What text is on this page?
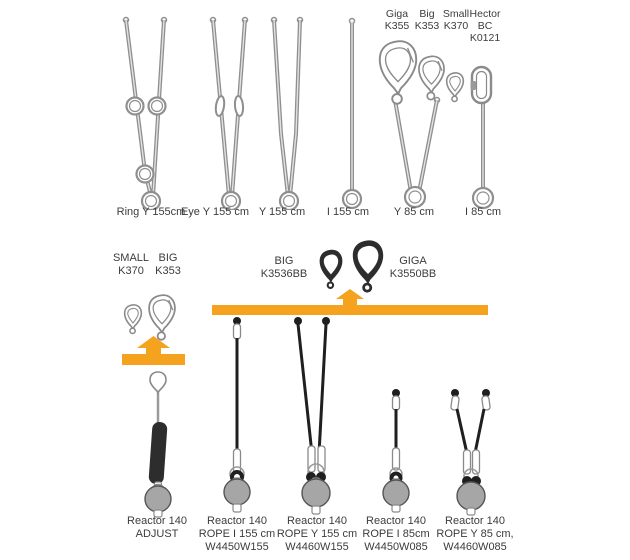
Ring Y 155cm
Eye Y 155 cm Y 155 cm I 155 cm Y 85 cm	I 85 cm
Giga
K355
Big
K353
Small
K370
Hector
BC
K0121
SMALL
K370
BIG
K353
BIG
K3536BB
GIGA
K3550BB
Reactor 140
ADJUST
Reactor 140
ROPE I 155 cm
W4450W155
Reactor 140
ROPE Y 155 cm
W4460W155
Reactor 140
ROPE I 85cm
W4450W085
Reactor 140
ROPE Y 85 cm,
W4460W085
